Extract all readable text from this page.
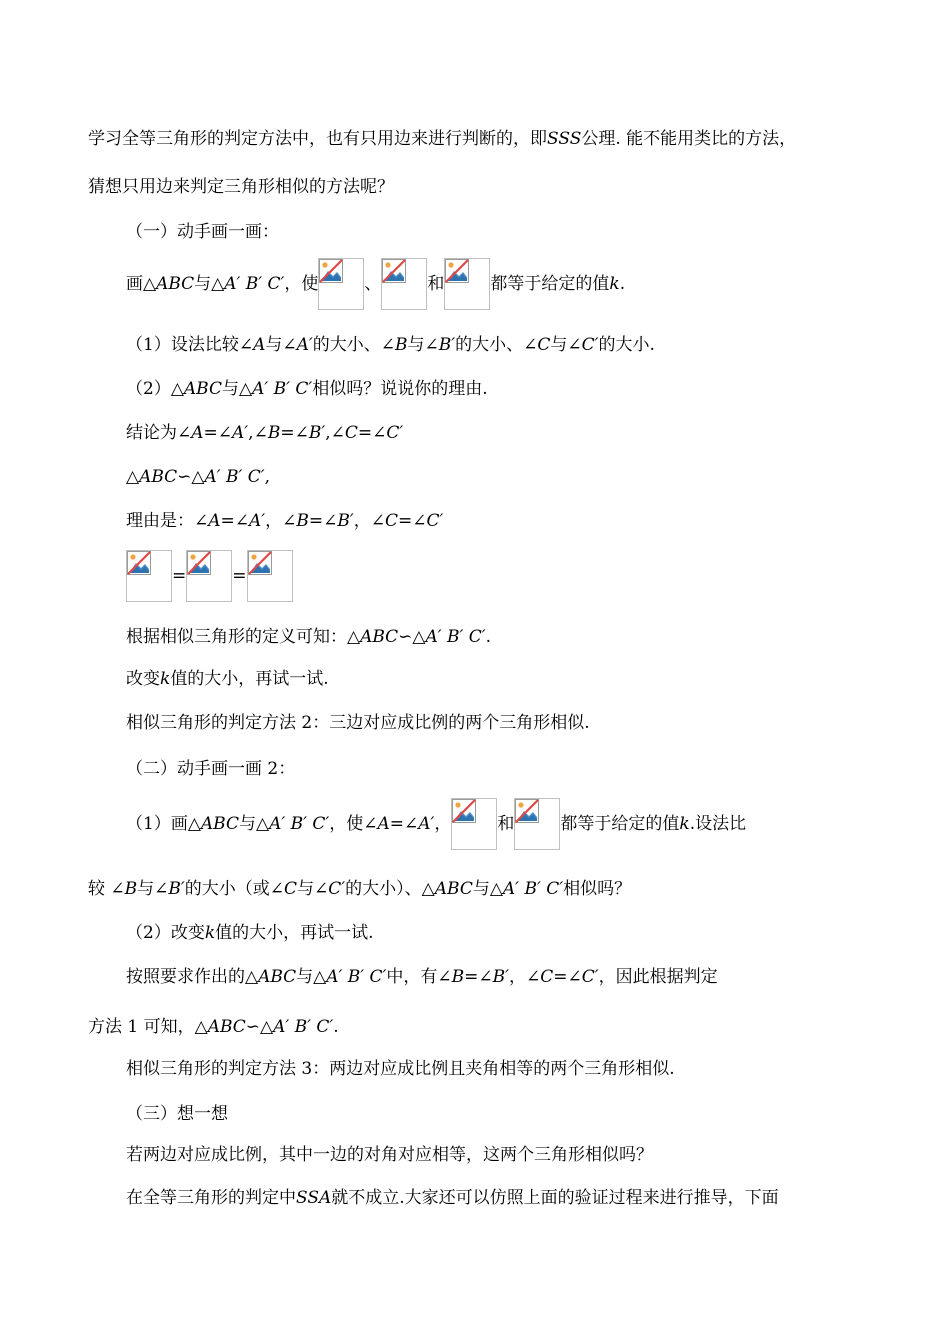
学习全等三角形的判定方法中，也有只用边来进行判断的，即SSS公理. 能不能用类比的方法，
猜想只用边来判定三角形相似的方法呢？
（一）动手画一画：
画△ABC与△A′ B′ C′，使	、	和	都等于给定的值k.
（1）设法比较∠A与∠A′的大小、∠B与∠B′的大小、∠C与∠C′的大小.
（2）△ABC与△A′ B′ C′相似吗？说说你的理由.
结论为∠A=∠A′,∠B=∠B′,∠C=∠C′
△ABC∽△A′ B′ C′,
理由是：∠A=∠A′，∠B=∠B′，∠C=∠C′
=	=
根据相似三角形的定义可知：△ABC∽△A′ B′ C′.
改变k值的大小，再试一试.
相似三角形的判定方法 2：三边对应成比例的两个三角形相似.
（二）动手画一画 2：
（1）画△ABC与△A′ B′ C′，使∠A=∠A′，	和	都等于给定的值k.设法比
较 ∠B与∠B′的大小（或∠C与∠C′的大小）、△ABC与△A′ B′ C′相似吗？
（2）改变k值的大小，再试一试.
按照要求作出的△ABC与△A′ B′ C′中，有∠B=∠B′，∠C=∠C′，因此根据判定
方法 1 可知，△ABC∽△A′ B′ C′.
相似三角形的判定方法 3：两边对应成比例且夹角相等的两个三角形相似.
（三）想一想
若两边对应成比例，其中一边的对角对应相等，这两个三角形相似吗？
在全等三角形的判定中SSA就不成立.大家还可以仿照上面的验证过程来进行推导，下面
